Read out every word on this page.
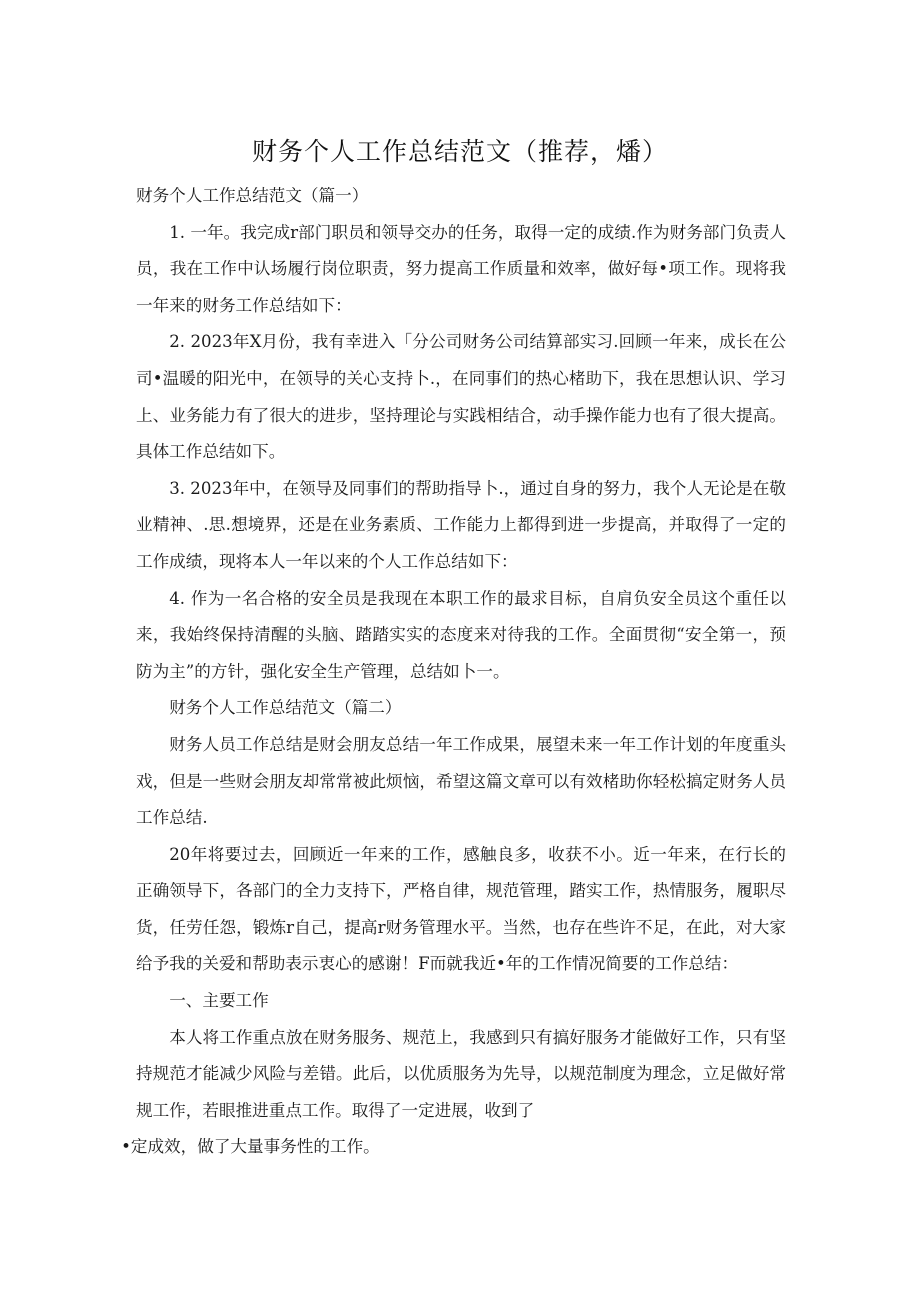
财务个人工作总结范文（推荐，燔）

财务个人工作总结范文（篇一）

1. 一年。我完成r部门职员和领导交办的任务，取得一定的成绩.作为财务部门负责人员，我在工作中认场履行岗位职责，努力提高工作质量和效率，做好每•项工作。现将我一年来的财务工作总结如下：

2. 2023年X月份，我有幸进入「分公司财务公司结算部实习.回顾一年来，成长在公司•温暖的阳光中，在领导的关心支持卜.，在同事们的热心楮助下，我在思想认识、学习上、业务能力有了很大的进步，坚持理论与实践相结合，动手操作能力也有了很大提高。具体工作总结如下。

3. 2023年中，在领导及同事们的帮助指导卜.，通过自身的努力，我个人无论是在敬业精神、.思.想境界，还是在业务素质、工作能力上都得到进一步提高，并取得了一定的工作成绩，现将本人一年以来的个人工作总结如下：

4. 作为一名合格的安全员是我现在本职工作的最求目标，自肩负安全员这个重任以来，我始终保持清醒的头脑、踏踏实实的态度来对待我的工作。全面贯彻“安全第一，预防为主”的方针，强化安全生产管理，总结如卜一。

财务个人工作总结范文（篇二）

财务人员工作总结是财会朋友总结一年工作成果，展望未来一年工作计划的年度重头戏，但是一些财会朋友却常常被此烦恼，希望这篇文章可以有效楮助你轻松搞定财务人员工作总结.

20年将要过去，回顾近一年来的工作，感触良多，收获不小。近一年来，在行长的正确领导下，各部门的全力支持下，严格自律，规范管理，踏实工作，热情服务，履职尽货，任劳任怨，锻炼r自己，提高r财务管理水平。当然，也存在些许不足，在此，对大家给予我的关爱和帮助表示衷心的感谢！F而就我近•年的工作情况简要的工作总结：

一、主要工作

本人将工作重点放在财务服务、规范上，我感到只有搞好服务才能做好工作，只有坚持规范才能减少风险与差错。此后，以优质服务为先导，以规范制度为理念，立足做好常规工作，若眼推进重点工作。取得了一定进展，收到了

•定成效，做了大量事务性的工作。
